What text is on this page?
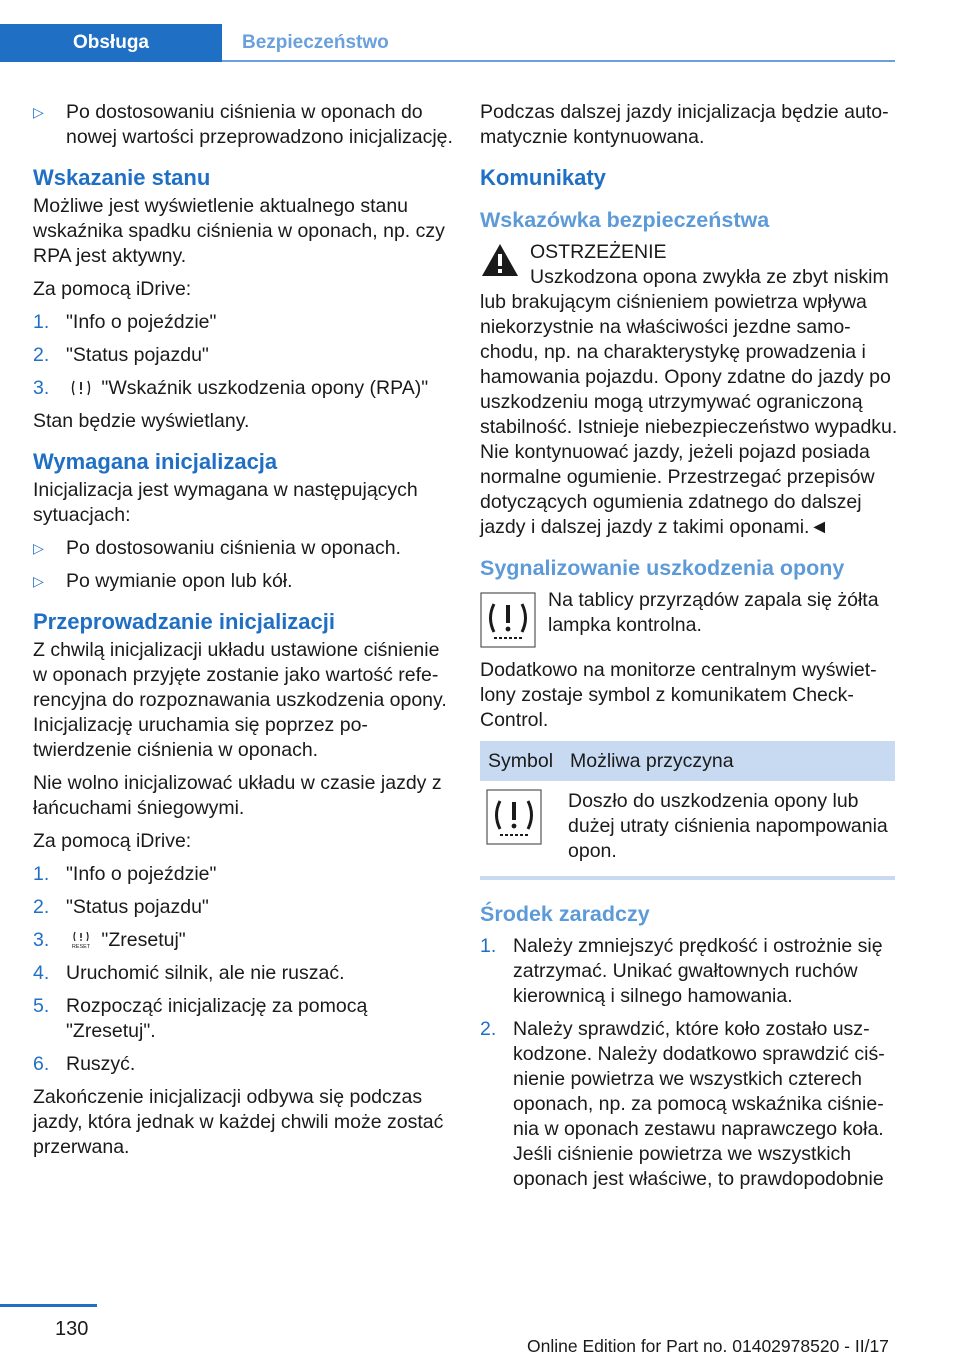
Obsługa	Bezpieczeństwo
▷	Po dostosowaniu ciśnienia w oponach do nowej wartości przeprowadzono inicjalizację.
Wskazanie stanu

Możliwe jest wyświetlenie aktualnego stanu wskaźnika spadku ciśnienia w oponach, np. czy RPA jest aktywny.

Za pomocą iDrive:

1. "Info o pojeździe"
2. "Status pojazdu"
3.	"Wskaźnik uszkodzenia opony (RPA)"

Stan będzie wyświetlany.

Wymagana inicjalizacja

Inicjalizacja jest wymagana w następujących sytuacjach:

▷	Po dostosowaniu ciśnienia w oponach.
▷	Po wymianie opon lub kół.
Przeprowadzanie inicjalizacji

Z chwilą inicjalizacji układu ustawione ciśnienie w oponach przyjęte zostanie jako wartość referencyjna do rozpoznawania uszkodzenia opony. Inicjalizację uruchamia się poprzez potwierdzenie ciśnienia w oponach.

Nie wolno inicjalizować układu w czasie jazdy z łańcuchami śniegowymi.

Za pomocą iDrive:

1. "Info o pojeździe"
2. "Status pojazdu"
3.	RESET "Zresetuj"
4. Uruchomić silnik, ale nie ruszać.
5. Rozpocząć inicjalizację za pomocą "Zresetuj".
6. Ruszyć.

Zakończenie inicjalizacji odbywa się podczas jazdy, która jednak w każdej chwili może zostać przerwana.

Podczas dalszej jazdy inicjalizacja będzie automatycznie kontynuowana.

Komunikaty
Wskazówka bezpieczeństwa
OSTRZEŻENIE

Uszkodzona opona zwykła ze zbyt niskim lub brakującym ciśnieniem powietrza wpływa niekorzystnie na właściwości jezdne samochodu, np. na charakterystykę prowadzenia i hamowania pojazdu. Opony zdatne do jazdy po uszkodzeniu mogą utrzymywać ograniczoną stabilność. Istnieje niebezpieczeństwo wypadku. Nie kontynuować jazdy, jeżeli pojazd posiada normalne ogumienie. Przestrzegać przepisów dotyczących ogumienia zdatnego do dalszej jazdy i dalszej jazdy z takimi oponami.◄

Sygnalizowanie uszkodzenia opony
Na tablicy przyrządów zapala się żółta lampka kontrolna.

Dodatkowo na monitorze centralnym wyświetlony zostaje symbol z komunikatem Check-Control.

Symbol	Możliwa przyczyna
	Doszło do uszkodzenia opony lub dużej utraty ciśnienia napompowania opon.
Środek zaradczy
1. Należy zmniejszyć prędkość i ostrożnie się zatrzymać. Unikać gwałtownych ruchów kierownicą i silnego hamowania.
2. Należy sprawdzić, które koło zostało uszkodzone. Należy dodatkowo sprawdzić ciśnienie powietrza we wszystkich czterech oponach, np. za pomocą wskaźnika ciśnienia w oponach zestawu naprawczego koła. Jeśli ciśnienie powietrza we wszystkich oponach jest właściwe, to prawdopodobnie
130
Online Edition for Part no. 01402978520 - II/17
